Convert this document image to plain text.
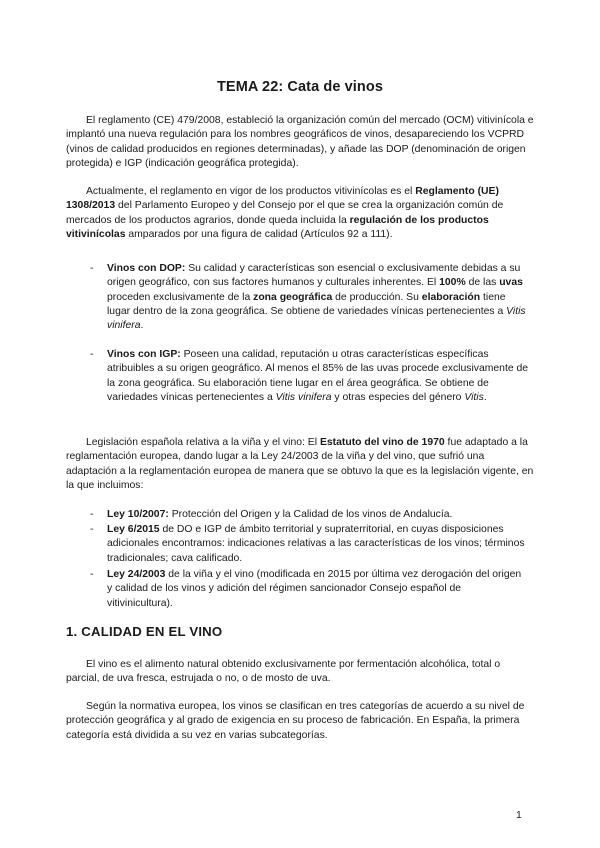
TEMA 22: Cata de vinos

El reglamento (CE) 479/2008, estableció la organización común del mercado (OCM) vitivinícola e implantó una nueva regulación para los nombres geográficos de vinos, desapareciendo los VCPRD (vinos de calidad producidos en regiones determinadas), y añade las DOP (denominación de origen protegida) e IGP (indicación geográfica protegida).

Actualmente, el reglamento en vigor de los productos vitivinícolas es el Reglamento (UE) 1308/2013 del Parlamento Europeo y del Consejo por el que se crea la organización común de mercados de los productos agrarios, donde queda incluida la regulación de los productos vitivinícolas amparados por una figura de calidad (Artículos 92 a 111).

- Vinos con DOP: Su calidad y características son esencial o exclusivamente debidas a su origen geográfico, con sus factores humanos y culturales inherentes. El 100% de las uvas proceden exclusivamente de la zona geográfica de producción. Su elaboración tiene lugar dentro de la zona geográfica. Se obtiene de variedades vínicas pertenecientes a Vitis vinifera.

- Vinos con IGP: Poseen una calidad, reputación u otras características específicas atribuibles a su origen geográfico. Al menos el 85% de las uvas procede exclusivamente de la zona geográfica. Su elaboración tiene lugar en el área geográfica. Se obtiene de variedades vínicas pertenecientes a Vitis vinifera y otras especies del género Vitis.

Legislación española relativa a la viña y el vino: El Estatuto del vino de 1970 fue adaptado a la reglamentación europea, dando lugar a la Ley 24/2003 de la viña y del vino, que sufrió una adaptación a la reglamentación europea de manera que se obtuvo la que es la legislación vigente, en la que incluimos:

- Ley 10/2007: Protección del Origen y la Calidad de los vinos de Andalucía.

- Ley 6/2015 de DO e IGP de ámbito territorial y supraterritorial, en cuyas disposiciones adicionales encontramos: indicaciones relativas a las características de los vinos; términos tradicionales; cava calificado.

- Ley 24/2003 de la viña y el vino (modificada en 2015 por última vez derogación del origen y calidad de los vinos y adición del régimen sancionador Consejo español de vitivinicultura).

1. CALIDAD EN EL VINO

El vino es el alimento natural obtenido exclusivamente por fermentación alcohólica, total o parcial, de uva fresca, estrujada o no, o de mosto de uva.

Según la normativa europea, los vinos se clasifican en tres categorías de acuerdo a su nivel de protección geográfica y al grado de exigencia en su proceso de fabricación. En España, la primera categoría está dividida a su vez en varias subcategorías.

1
